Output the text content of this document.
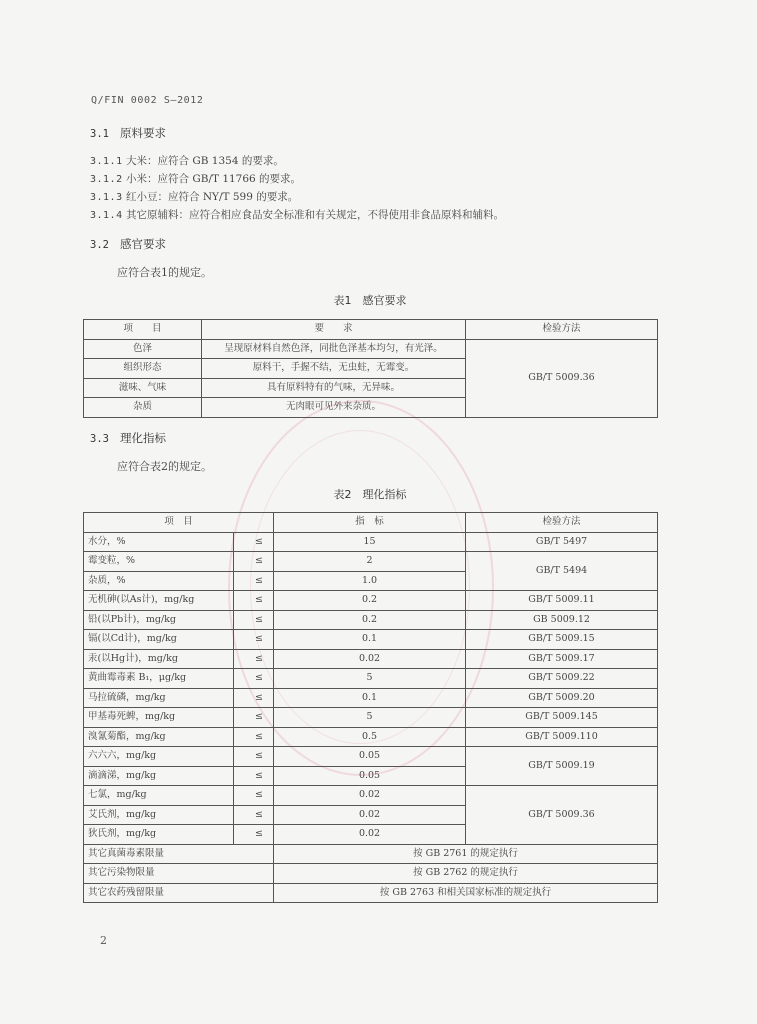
Q/FIN 0002 S—2012
3.1 原料要求
3.1.1 大米：应符合 GB 1354 的要求。
3.1.2 小米：应符合 GB/T 11766 的要求。
3.1.3 红小豆：应符合 NY/T 599 的要求。
3.1.4 其它原辅料：应符合相应食品安全标准和有关规定，不得使用非食品原料和辅料。
3.2 感官要求
应符合表1的规定。
表1　感官要求
项　　目	要　　求	检验方法
色泽	呈现原材料自然色泽，同批色泽基本均匀，有光泽。	GB/T 5009.36
组织形态	原料干，手握不结，无虫蛀，无霉变。	
滋味、气味	具有原料特有的气味，无异味。	
杂质	无肉眼可见外来杂质。	
3.3 理化指标
应符合表2的规定。
表2　理化指标
项　目		指　标	检验方法
水分，%	≤	15	GB/T 5497
霉变粒，%	≤	2	GB/T 5494
杂质，%	≤	1.0	
无机砷(以As计)，mg/kg	≤	0.2	GB/T 5009.11
铅(以Pb计)，mg/kg	≤	0.2	GB 5009.12
镉(以Cd计)，mg/kg	≤	0.1	GB/T 5009.15
汞(以Hg计)，mg/kg	≤	0.02	GB/T 5009.17
黄曲霉毒素 B₁，μg/kg	≤	5	GB/T 5009.22
马拉硫磷，mg/kg	≤	0.1	GB/T 5009.20
甲基毒死蜱，mg/kg	≤	5	GB/T 5009.145
溴氰菊酯，mg/kg	≤	0.5	GB/T 5009.110
六六六，mg/kg	≤	0.05	GB/T 5009.19
滴滴涕，mg/kg	≤	0.05	
七氯，mg/kg	≤	0.02	GB/T 5009.36
艾氏剂，mg/kg	≤	0.02	
狄氏剂，mg/kg	≤	0.02	
其它真菌毒素限量		按 GB 2761 的规定执行	
其它污染物限量		按 GB 2762 的规定执行	
其它农药残留限量		按 GB 2763 和相关国家标准的规定执行	
2
